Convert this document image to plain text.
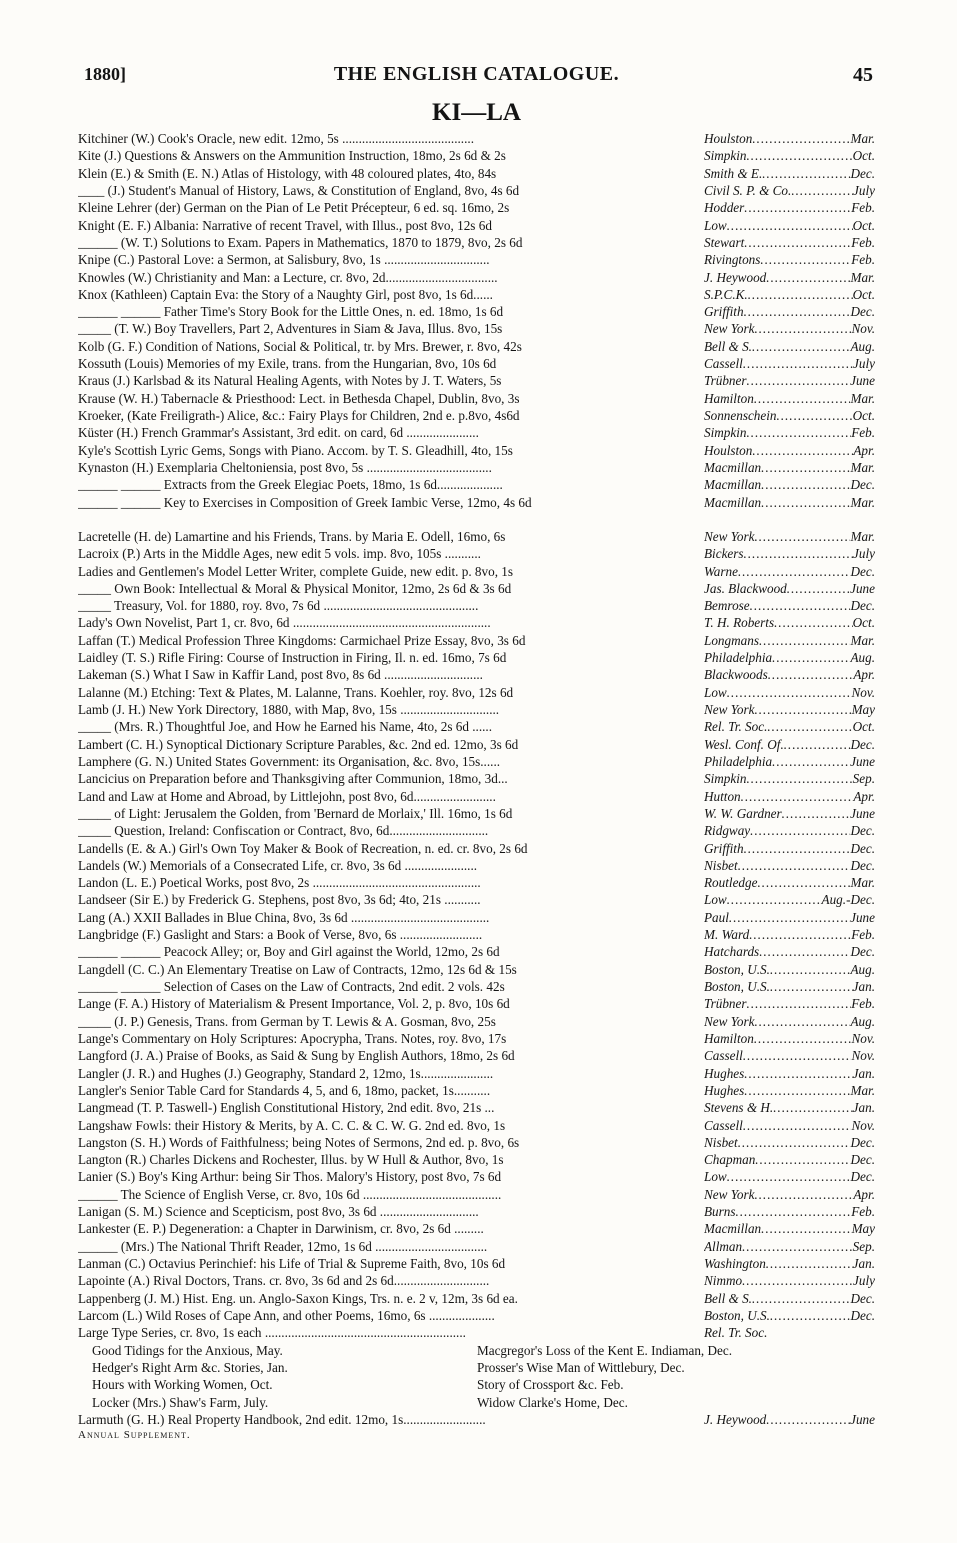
1880]	THE ENGLISH CATALOGUE.	45
KI—LA
Kitchiner (W.) Cook's Oracle, new edit. 12mo, 5s ........................................	Houlston .....	Mar.
Kite (J.) Questions & Answers on the Ammunition Instruction, 18mo, 2s 6d & 2s	Simpkin .....	Oct.
Klein (E.) & Smith (E. N.) Atlas of Histology, with 48 coloured plates, 4to, 84s	Smith & E. .....	Dec.
____ (J.) Student's Manual of History, Laws, & Constitution of England, 8vo, 4s 6d	Civil S. P. & Co. .....	July
Kleine Lehrer (der) German on the Pian of Le Petit Précepteur, 6 ed. sq. 16mo, 2s	Hodder .....	Feb.
Knight (E. F.) Albania: Narrative of recent Travel, with Illus., post 8vo, 12s 6d	Low .....	Oct.
______ (W. T.) Solutions to Exam. Papers in Mathematics, 1870 to 1879, 8vo, 2s 6d	Stewart .....	Feb.
Knipe (C.) Pastoral Love: a Sermon, at Salisbury, 8vo, 1s ................................	Rivingtons .....	Feb.
Knowles (W.) Christianity and Man: a Lecture, cr. 8vo, 2d..................................	J. Heywood .....	Mar.
Knox (Kathleen) Captain Eva: the Story of a Naughty Girl, post 8vo, 1s 6d......	S.P.C.K. .....	Oct.
______ ______ Father Time's Story Book for the Little Ones, n. ed. 18mo, 1s 6d	Griffith .....	Dec.
_____ (T. W.) Boy Travellers, Part 2, Adventures in Siam & Java, Illus. 8vo, 15s	New York .....	Nov.
Kolb (G. F.) Condition of Nations, Social & Political, tr. by Mrs. Brewer, r. 8vo, 42s	Bell & S. .....	Aug.
Kossuth (Louis) Memories of my Exile, trans. from the Hungarian, 8vo, 10s 6d	Cassell .....	July
Kraus (J.) Karlsbad & its Natural Healing Agents, with Notes by J. T. Waters, 5s	Trübner .....	June
Krause (W. H.) Tabernacle & Priesthood: Lect. in Bethesda Chapel, Dublin, 8vo, 3s	Hamilton .....	Mar.
Kroeker, (Kate Freiligrath-) Alice, &c.: Fairy Plays for Children, 2nd e. p.8vo, 4s6d	Sonnenschein .....	Oct.
Küster (H.) French Grammar's Assistant, 3rd edit. on card, 6d ......................	Simpkin .....	Feb.
Kyle's Scottish Lyric Gems, Songs with Piano. Accom. by T. S. Gleadhill, 4to, 15s	Houlston .....	Apr.
Kynaston (H.) Exemplaria Cheltoniensia, post 8vo, 5s ......................................	Macmillan .....	Mar.
______ ______ Extracts from the Greek Elegiac Poets, 18mo, 1s 6d....................	Macmillan .....	Dec.
______ ______ Key to Exercises in Composition of Greek Iambic Verse, 12mo, 4s 6d	Macmillan .....	Mar.
Lacretelle (H. de) Lamartine and his Friends, Trans. by Maria E. Odell, 16mo, 6s	New York .....	Mar.
Lacroix (P.) Arts in the Middle Ages, new edit 5 vols. imp. 8vo, 105s ...........	Bickers .....	July
Ladies and Gentlemen's Model Letter Writer, complete Guide, new edit. p. 8vo, 1s	Warne .....	Dec.
_____ Own Book: Intellectual & Moral & Physical Monitor, 12mo, 2s 6d & 3s 6d	Jas. Blackwood .....	June
_____ Treasury, Vol. for 1880, roy. 8vo, 7s 6d ...............................................	Bemrose .....	Dec.
Lady's Own Novelist, Part 1, cr. 8vo, 6d ............................................................	T. H. Roberts .....	Oct.
Laffan (T.) Medical Profession Three Kingdoms: Carmichael Prize Essay, 8vo, 3s 6d	Longmans .....	Mar.
Laidley (T. S.) Rifle Firing: Course of Instruction in Firing, Il. n. ed. 16mo, 7s 6d	Philadelphia .....	Aug.
Lakeman (S.) What I Saw in Kaffir Land, post 8vo, 8s 6d ..............................	Blackwoods .....	Apr.
Lalanne (M.) Etching: Text & Plates, M. Lalanne, Trans. Koehler, roy. 8vo, 12s 6d	Low .....	Nov.
Lamb (J. H.) New York Directory, 1880, with Map, 8vo, 15s ..............................	New York .....	May
_____ (Mrs. R.) Thoughtful Joe, and How he Earned his Name, 4to, 2s 6d ......	Rel. Tr. Soc. .....	Oct.
Lambert (C. H.) Synoptical Dictionary Scripture Parables, &c. 2nd ed. 12mo, 3s 6d	Wesl. Conf. Of. .....	Dec.
Lamphere (G. N.) United States Government: its Organisation, &c. 8vo, 15s......	Philadelphia .....	June
Lancicius on Preparation before and Thanksgiving after Communion, 18mo, 3d...	Simpkin .....	Sep.
Land and Law at Home and Abroad, by Littlejohn, post 8vo, 6d.........................	Hutton .....	Apr.
_____ of Light: Jerusalem the Golden, from 'Bernard de Morlaix,' Ill. 16mo, 1s 6d	W. W. Gardner .....	June
_____ Question, Ireland: Confiscation or Contract, 8vo, 6d..............................	Ridgway .....	Dec.
Landells (E. & A.) Girl's Own Toy Maker & Book of Recreation, n. ed. cr. 8vo, 2s 6d	Griffith .....	Dec.
Landels (W.) Memorials of a Consecrated Life, cr. 8vo, 3s 6d ......................	Nisbet .....	Dec.
Landon (L. E.) Poetical Works, post 8vo, 2s ...................................................	Routledge .....	Mar.
Landseer (Sir E.) by Frederick G. Stephens, post 8vo, 3s 6d; 4to, 21s ...........	Low .....	Aug.-Dec.
Lang (A.) XXII Ballades in Blue China, 8vo, 3s 6d ..........................................	Paul .....	June
Langbridge (F.) Gaslight and Stars: a Book of Verse, 8vo, 6s .........................	M. Ward .....	Feb.
______ ______ Peacock Alley; or, Boy and Girl against the World, 12mo, 2s 6d	Hatchards .....	Dec.
Langdell (C. C.) An Elementary Treatise on Law of Contracts, 12mo, 12s 6d & 15s	Boston, U.S. .....	Aug.
______ ______ Selection of Cases on the Law of Contracts, 2nd edit. 2 vols. 42s	Boston, U.S. .....	Jan.
Lange (F. A.) History of Materialism & Present Importance, Vol. 2, p. 8vo, 10s 6d	Trübner .....	Feb.
_____ (J. P.) Genesis, Trans. from German by T. Lewis & A. Gosman, 8vo, 25s	New York .....	Aug.
Lange's Commentary on Holy Scriptures: Apocrypha, Trans. Notes, roy. 8vo, 17s	Hamilton .....	Nov.
Langford (J. A.) Praise of Books, as Said & Sung by English Authors, 18mo, 2s 6d	Cassell .....	Nov.
Langler (J. R.) and Hughes (J.) Geography, Standard 2, 12mo, 1s......................	Hughes .....	Jan.
Langler's Senior Table Card for Standards 4, 5, and 6, 18mo, packet, 1s...........	Hughes .....	Mar.
Langmead (T. P. Taswell-) English Constitutional History, 2nd edit. 8vo, 21s ...	Stevens & H. .....	Jan.
Langshaw Fowls: their History & Merits, by A. C. C. & C. W. G. 2nd ed. 8vo, 1s	Cassell .....	Nov.
Langston (S. H.) Words of Faithfulness; being Notes of Sermons, 2nd ed. p. 8vo, 6s	Nisbet .....	Dec.
Langton (R.) Charles Dickens and Rochester, Illus. by W Hull & Author, 8vo, 1s	Chapman .....	Dec.
Lanier (S.) Boy's King Arthur: being Sir Thos. Malory's History, post 8vo, 7s 6d	Low .....	Dec.
______ The Science of English Verse, cr. 8vo, 10s 6d ..........................................	New York .....	Apr.
Lanigan (S. M.) Science and Scepticism, post 8vo, 3s 6d ..............................	Burns .....	Feb.
Lankester (E. P.) Degeneration: a Chapter in Darwinism, cr. 8vo, 2s 6d .........	Macmillan .....	May
______ (Mrs.) The National Thrift Reader, 12mo, 1s 6d ..................................	Allman .....	Sep.
Lanman (C.) Octavius Perinchief: his Life of Trial & Supreme Faith, 8vo, 10s 6d	Washington .....	Jan.
Lapointe (A.) Rival Doctors, Trans. cr. 8vo, 3s 6d and 2s 6d.............................	Nimmo .....	July
Lappenberg (J. M.) Hist. Eng. un. Anglo-Saxon Kings, Trs. n. e. 2 v, 12m, 3s 6d ea.	Bell & S. .....	Dec.
Larcom (L.) Wild Roses of Cape Ann, and other Poems, 16mo, 6s ....................	Boston, U.S. .....	Dec.
Large Type Series, cr. 8vo, 1s each .............................................................	Rel. Tr. Soc.
Good Tidings for the Anxious, May.	Macgregor's Loss of the Kent E. Indiaman, Dec.
Hedger's Right Arm &c. Stories, Jan.	Prosser's Wise Man of Wittlebury, Dec.
Hours with Working Women, Oct.	Story of Crossport &c. Feb.
Locker (Mrs.) Shaw's Farm, July.	Widow Clarke's Home, Dec.
Larmuth (G. H.) Real Property Handbook, 2nd edit. 12mo, 1s.........................	J. Heywood .....	June
Annual Supplement.
